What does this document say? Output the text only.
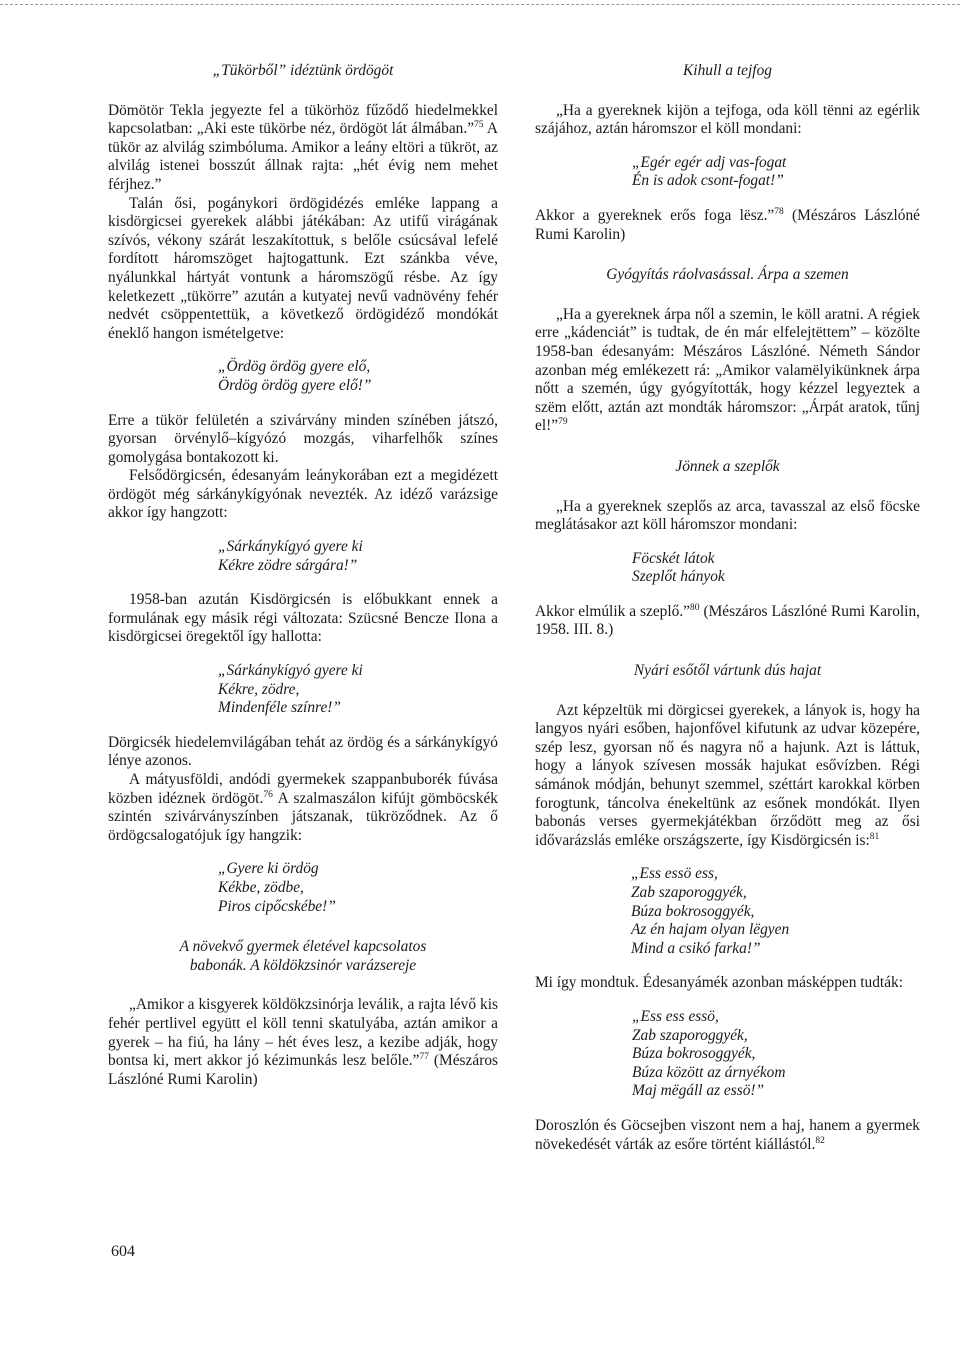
„Tükörből” idéztünk ördögöt

Dömötör Tekla jegyezte fel a tükörhöz fűződő hiedelmekkel kapcsolatban: „Aki este tükörbe néz, ördögöt lát álmában.”$^{75}$ A tükör az alvilág szimbóluma. Amikor a leány eltöri a tükröt, az alvilág istenei bosszút állnak rajta: „hét évig nem mehet férjhez.”

Talán ősi, pogánykori ördögidézés emléke lappang a kisdörgicsei gyerekek alábbi játékában: Az utifű virágának szívós, vékony szárát leszakítottuk, s belőle csúcsával lefelé fordított háromszöget hajtogattunk. Ezt szánkba véve, nyálunkkal hártyát vontunk a háromszögű résbe. Az így keletkezett „tükörre” azután a kutyatej nevű vadnövény fehér nedvét csöppentettük, a következő ördögidéző mondókát éneklő hangon ismételgetve:

„Ördög ördög gyere elő,
Ördög ördög gyere elő!”

Erre a tükör felületén a szivárvány minden színében játszó, gyorsan örvénylő–kígyózó mozgás, viharfelhők színes gomolygása bontakozott ki.

Felsődörgicsén, édesanyám leánykorában ezt a megidézett ördögöt még sárkánykígyónak nevezték. Az idéző varázsige akkor így hangzott:

„Sárkánykígyó gyere ki
Kékre zödre sárgára!”

1958-ban azután Kisdörgicsén is előbukkant ennek a formulának egy másik régi változata: Szücsné Bencze Ilona a kisdörgicsei öregektől így hallotta:

„Sárkánykígyó gyere ki
Kékre, zödre,
Mindenféle színre!”

Dörgicsék hiedelemvilágában tehát az ördög és a sárkánykígyó lénye azonos.

A mátyusföldi, andódi gyermekek szappanbuborék fúvása közben idéznek ördögöt.$^{76}$ A szalmaszálon kifújt gömböcskék szintén szivárványszínben játszanak, tükröződnek. Az ő ördögcsalogatójuk így hangzik:

„Gyere ki ördög
Kékbe, zödbe,
Piros cipőcskébe!”
A növekvő gyermek életével kapcsolatos
babonák. A köldökzsinór varázsereje

„Amikor a kisgyerek köldökzsinórja leválik, a rajta lévő kis fehér pertlivel együtt el köll tenni skatulyába, aztán amikor a gyerek – ha fiú, ha lány – hét éves lesz, a kezibe adják, hogy bontsa ki, mert akkor jó kézimunkás lesz belőle.”$^{77}$ (Mészáros Lászlóné Rumi Karolin)

Kihull a tejfog

„Ha a gyereknek kijön a tejfoga, oda köll tënni az egérlik szájához, aztán háromszor el köll mondani:

„Egér egér adj vas-fogat
Én is adok csont-fogat!”

Akkor a gyereknek erős foga lësz.”$^{78}$ (Mészáros Lászlóné Rumi Karolin)

Gyógyítás ráolvasással. Árpa a szemen

„Ha a gyereknek árpa nől a szemin, le köll aratni. A régiek erre „kádenciát” is tudtak, de én már elfelejtëttem” – közölte 1958-ban édesanyám: Mészáros Lászlóné. Németh Sándor azonban még emlékezett rá: „Amikor valamëlyikünknek árpa nőtt a szemén, úgy gyógyították, hogy kézzel legyeztek a szëm előtt, aztán azt mondták háromszor: „Árpát aratok, tűnj el!”$^{79}$

Jönnek a szeplők

„Ha a gyereknek szeplős az arca, tavasszal az első föcske meglátásakor azt köll háromszor mondani:

Föcskét látok
Szeplőt hányok

Akkor elmúlik a szeplő.”$^{80}$ (Mészáros Lászlóné Rumi Karolin, 1958. III. 8.)

Nyári esőtől vártunk dús hajat

Azt képzeltük mi dörgicsei gyerekek, a lányok is, hogy ha langyos nyári esőben, hajonfővel kifutunk az udvar közepére, szép lesz, gyorsan nő és nagyra nő a hajunk. Azt is láttuk, hogy a lányok szívesen mossák hajukat esővízben. Régi sámánok módján, behunyt szemmel, széttárt karokkal körben forogtunk, táncolva énekeltünk az esőnek mondókát. Ilyen babonás verses gyermekjátékban őrződött meg az ősi idővarázslás emléke országszerte, így Kisdörgicsén is:$^{81}$

„Ess essö ess,
Zab szaporoggyék,
Búza bokrosoggyék,
Az én hajam olyan lëgyen
Mind a csikó farka!”

Mi így mondtuk. Édesanyámék azonban másképpen tudták:

„Ess ess essö,
Zab szaporoggyék,
Búza bokrosoggyék,
Búza között az árnyékom
Maj mëgáll az essö!”

Doroszlón és Göcsejben viszont nem a haj, hanem a gyermek növekedését várták az esőre történt kiállástól.$^{82}$

604
